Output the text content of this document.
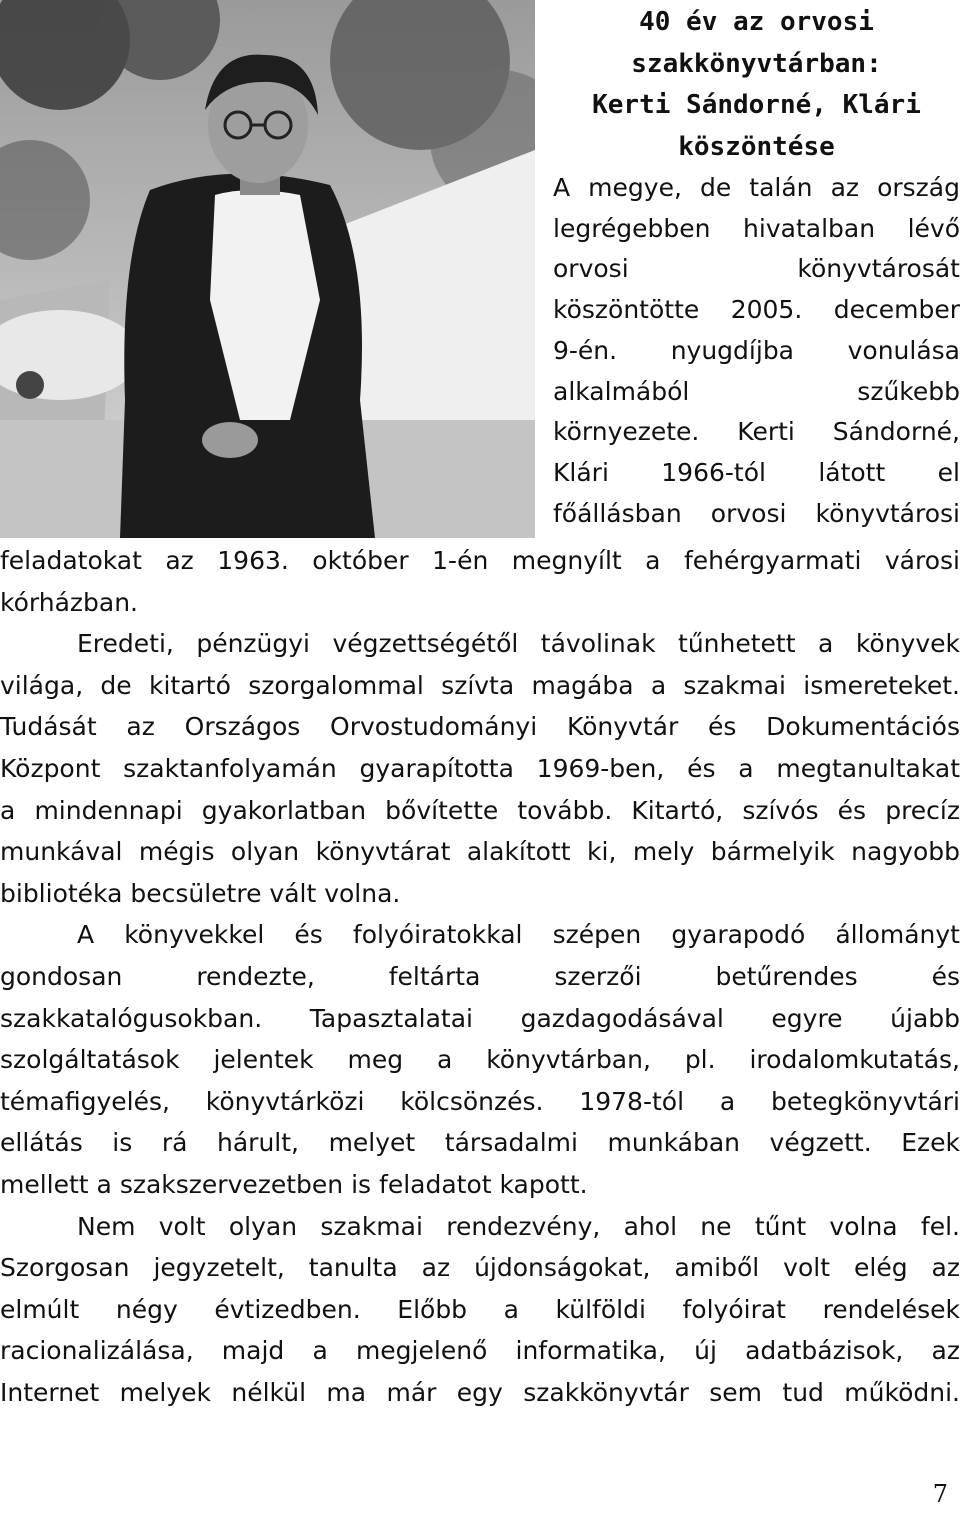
40 év az orvosi
szakkönyvtárban:
Kerti Sándorné, Klári
köszöntése
A megye, de talán az ország
legrégebben hivatalban lévő
orvosi könyvtárosát
köszöntötte 2005. december
9-én. nyugdíjba vonulása
alkalmából szűkebb
környezete. Kerti Sándorné,
Klári 1966-tól látott el
főállásban orvosi könyvtárosi

feladatokat az 1963. október 1-én megnyílt a fehérgyarmati városi
kórházban.

Eredeti, pénzügyi végzettségétől távolinak tűnhetett a könyvek
világa, de kitartó szorgalommal szívta magába a szakmai ismereteket.
Tudását az Országos Orvostudományi Könyvtár és Dokumentációs
Központ szaktanfolyamán gyarapította 1969-ben, és a megtanultakat
a mindennapi gyakorlatban bővítette tovább. Kitartó, szívós és precíz
munkával mégis olyan könyvtárat alakított ki, mely bármelyik nagyobb
bibliotéka becsületre vált volna.

A könyvekkel és folyóiratokkal szépen gyarapodó állományt
gondosan rendezte, feltárta szerzői betűrendes és
szakkatalógusokban. Tapasztalatai gazdagodásával egyre újabb
szolgáltatások jelentek meg a könyvtárban, pl. irodalomkutatás,
témafigyelés, könyvtárközi kölcsönzés. 1978-tól a betegkönyvtári
ellátás is rá hárult, melyet társadalmi munkában végzett. Ezek
mellett a szakszervezetben is feladatot kapott.

Nem volt olyan szakmai rendezvény, ahol ne tűnt volna fel.
Szorgosan jegyzetelt, tanulta az újdonságokat, amiből volt elég az
elmúlt négy évtizedben. Előbb a külföldi folyóirat rendelések
racionalizálása, majd a megjelenő informatika, új adatbázisok, az
Internet melyek nélkül ma már egy szakkönyvtár sem tud működni.

7
